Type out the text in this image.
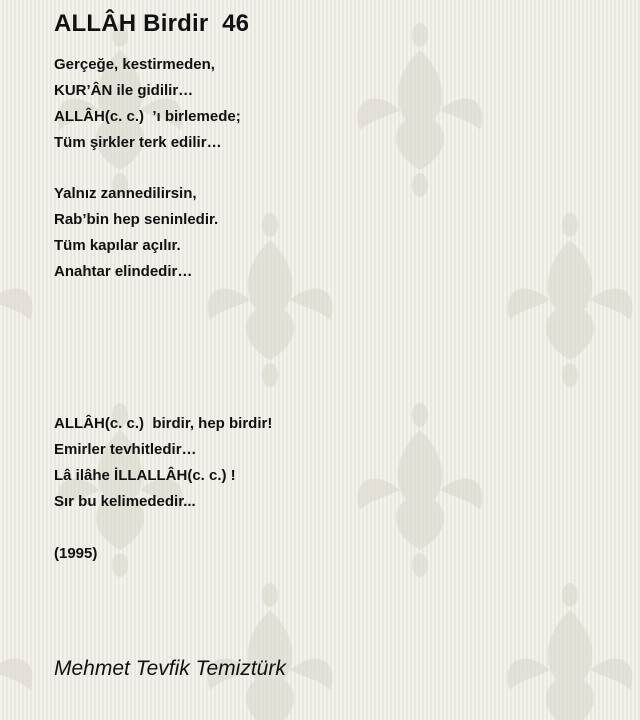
ALLÂH Birdir  46
Gerçeğe, kestirmeden,
KUR’ÂN ile gidilir…
ALLÂH(c. c.)  ’ı birlemede;
Tüm şirkler terk edilir…
Yalnız zannedilirsin,
Rab’bin hep seninledir.
Tüm kapılar açılır.
Anahtar elindedir…
ALLÂH(c. c.)  birdir, hep birdir!
Emirler tevhitledir…
Lâ ilâhe İLLALLÂH(c. c.) !
Sır bu kelimededir...
(1995)
Mehmet Tevfik Temiztürk
